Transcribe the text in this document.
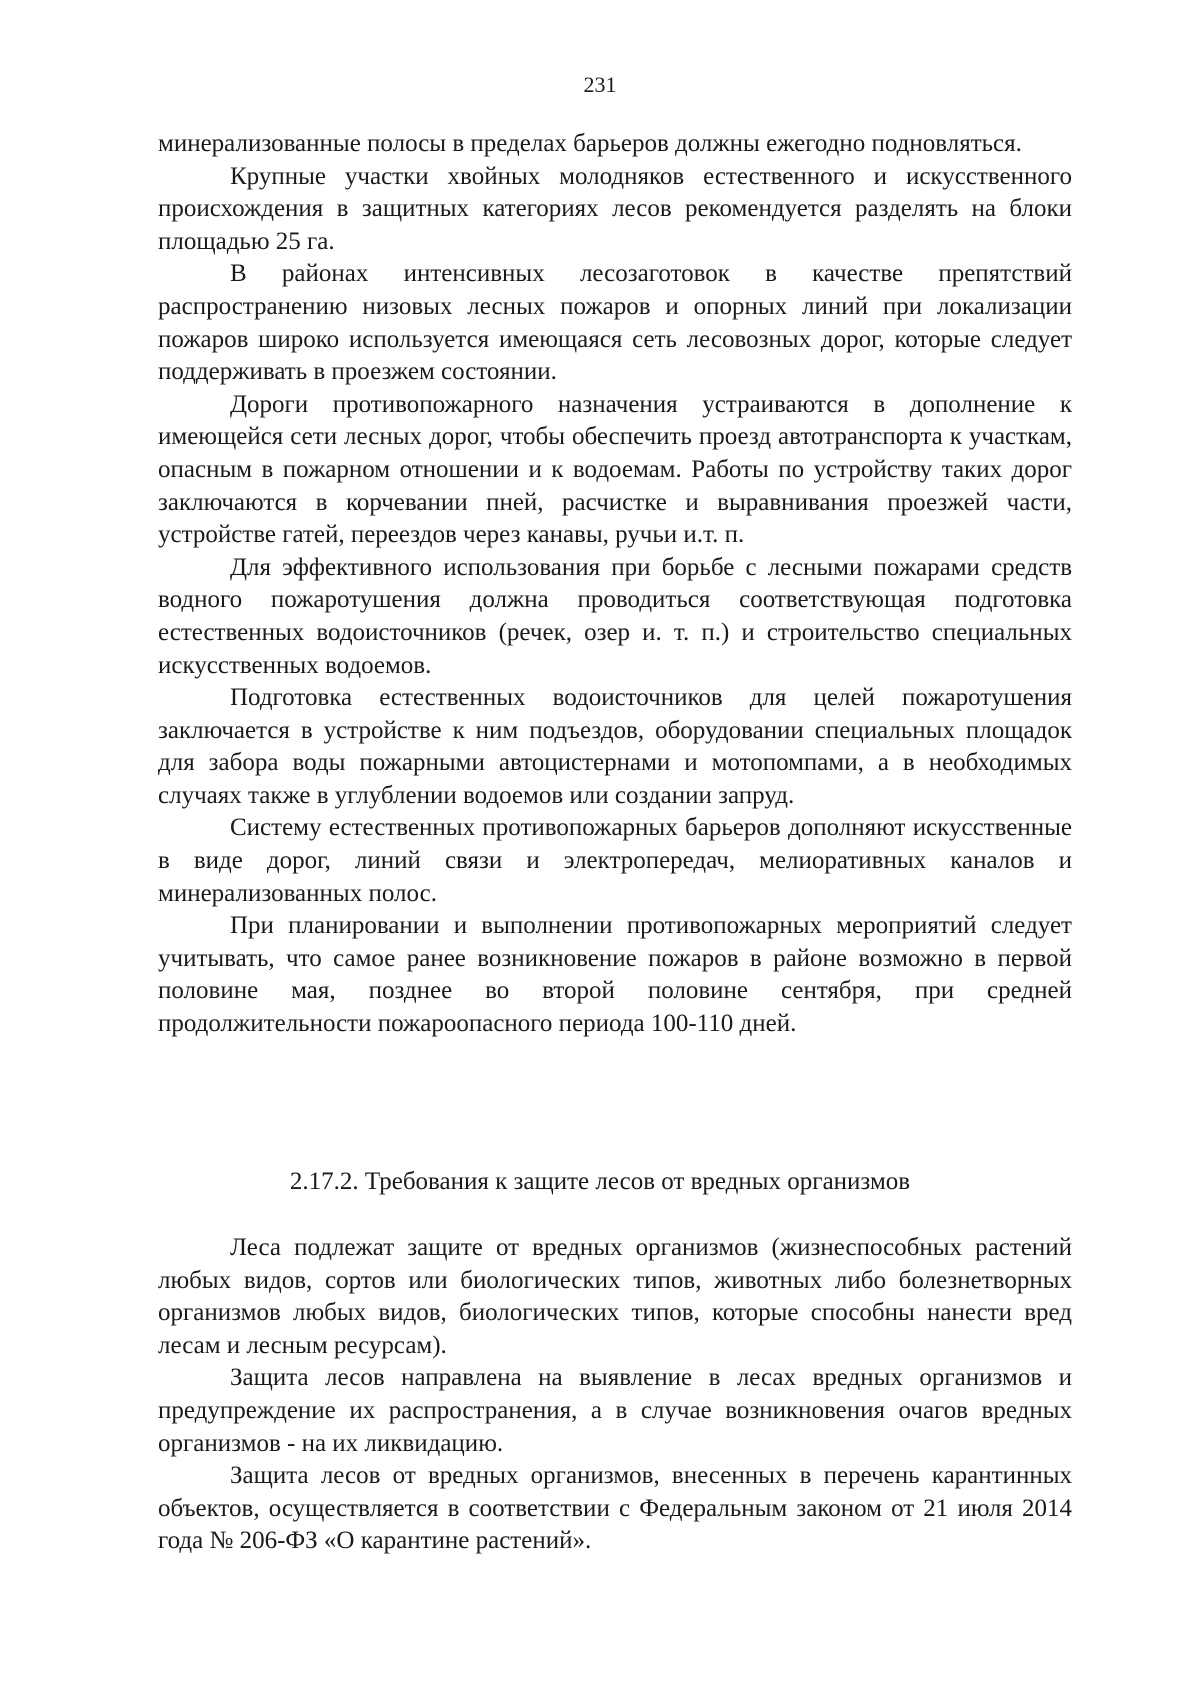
231

минерализованные полосы в пределах барьеров должны ежегодно подновляться.

Крупные участки хвойных молодняков естественного и искусственного происхождения в защитных категориях лесов рекомендуется разделять на блоки площадью 25 га.

В районах интенсивных лесозаготовок в качестве препятствий распространению низовых лесных пожаров и опорных линий при локализации пожаров широко используется имеющаяся сеть лесовозных дорог, которые следует поддерживать в проезжем состоянии.

Дороги противопожарного назначения устраиваются в дополнение к имеющейся сети лесных дорог, чтобы обеспечить проезд автотранспорта к участкам, опасным в пожарном отношении и к водоемам. Работы по устройству таких дорог заключаются в корчевании пней, расчистке и выравнивания проезжей части, устройстве гатей, переездов через канавы, ручьи и.т. п.

Для эффективного использования при борьбе с лесными пожарами средств водного пожаротушения должна проводиться соответствующая подготовка естественных водоисточников (речек, озер и. т. п.) и строительство специальных искусственных водоемов.

Подготовка естественных водоисточников для целей пожаротушения заключается в устройстве к ним подъездов, оборудовании специальных площадок для забора воды пожарными автоцистернами и мотопомпами, а в необходимых случаях также в углублении водоемов или создании запруд.

Систему естественных противопожарных барьеров дополняют искусственные в виде дорог, линий связи и электропередач, мелиоративных каналов и минерализованных полос.

При планировании и выполнении противопожарных мероприятий следует учитывать, что самое ранее возникновение пожаров в районе возможно в первой половине мая, позднее во второй половине сентября, при средней продолжительности пожароопасного периода 100-110 дней.

2.17.2. Требования к защите лесов от вредных организмов

Леса подлежат защите от вредных организмов (жизнеспособных растений любых видов, сортов или биологических типов, животных либо болезнетворных организмов любых видов, биологических типов, которые способны нанести вред лесам и лесным ресурсам).

Защита лесов направлена на выявление в лесах вредных организмов и предупреждение их распространения, а в случае возникновения очагов вредных организмов - на их ликвидацию.

Защита лесов от вредных организмов, внесенных в перечень карантинных объектов, осуществляется в соответствии с Федеральным законом от 21 июля 2014 года № 206-ФЗ «О карантине растений».
